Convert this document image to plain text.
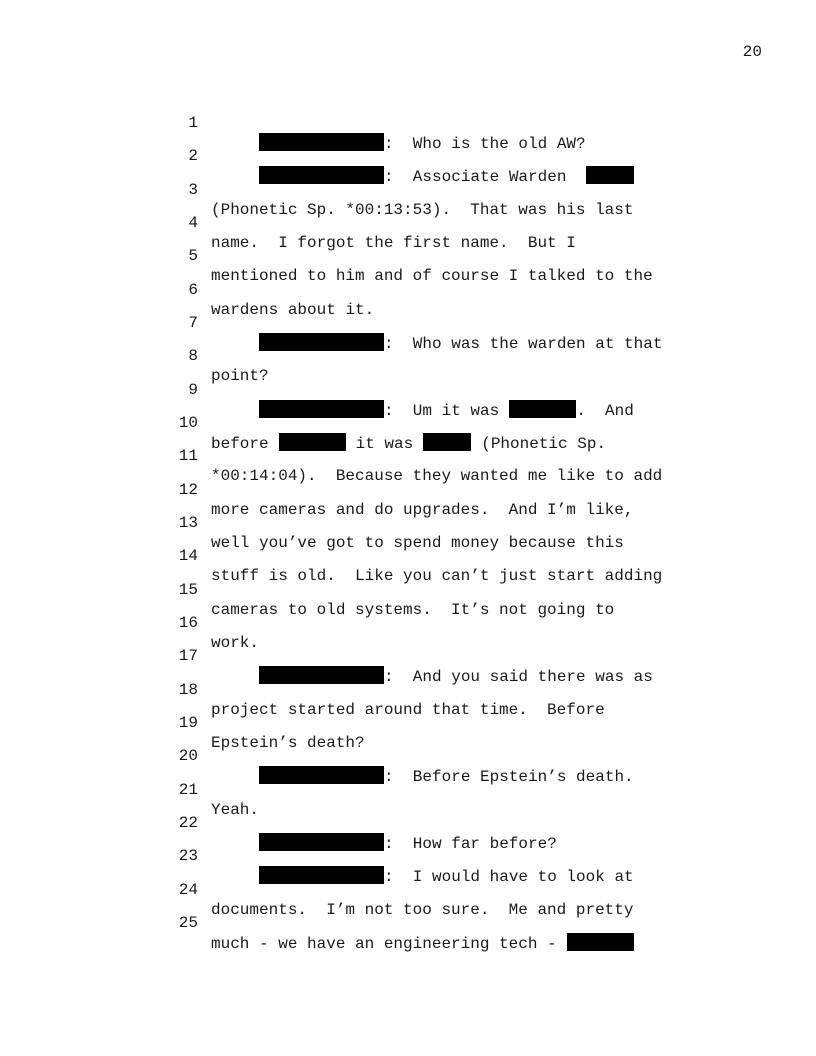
20

1

:  Who is the old AW?

2

:  Associate Warden

3

(Phonetic Sp. *00:13:53).  That was his last

4

name.  I forgot the first name.  But I

5

mentioned to him and of course I talked to the

6

wardens about it.

7

:  Who was the warden at that

8

point?

9

:  Um it was	.  And

10

before	it was	(Phonetic Sp.

11

*00:14:04).  Because they wanted me like to add

12

more cameras and do upgrades.  And I’m like,

13

well you’ve got to spend money because this

14

stuff is old.  Like you can’t just start adding

15

cameras to old systems.  It’s not going to

16

work.

17

:  And you said there was as

18

project started around that time.  Before

19

Epstein’s death?

20

:  Before Epstein’s death.

21

Yeah.

22

:  How far before?

23

:  I would have to look at

24

documents.  I’m not too sure.  Me and pretty

25

much - we have an engineering tech -
